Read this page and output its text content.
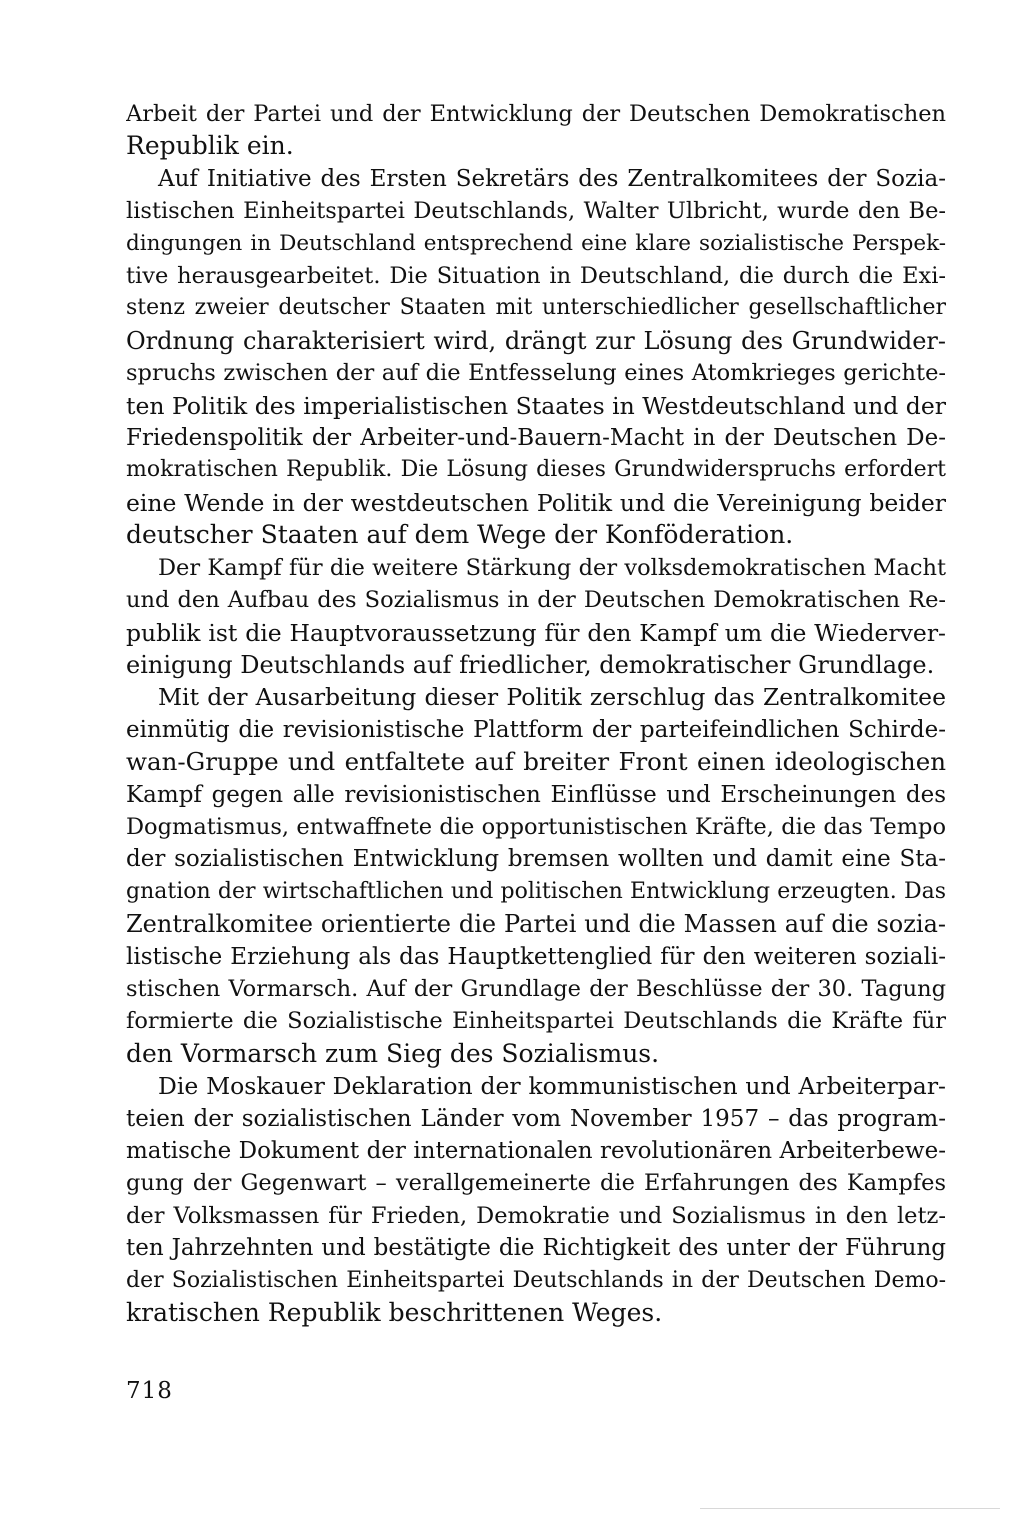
Arbeit der Partei und der Entwicklung der Deutschen Demokratischen
Republik ein.
Auf Initiative des Ersten Sekretärs des Zentralkomitees der Sozia-
listischen Einheitspartei Deutschlands, Walter Ulbricht, wurde den Be-
dingungen in Deutschland entsprechend eine klare sozialistische Perspek-
tive herausgearbeitet. Die Situation in Deutschland, die durch die Exi-
stenz zweier deutscher Staaten mit unterschiedlicher gesellschaftlicher
Ordnung charakterisiert wird, drängt zur Lösung des Grundwider-
spruchs zwischen der auf die Entfesselung eines Atomkrieges gerichte-
ten Politik des imperialistischen Staates in Westdeutschland und der
Friedenspolitik der Arbeiter-und-Bauern-Macht in der Deutschen De-
mokratischen Republik. Die Lösung dieses Grundwiderspruchs erfordert
eine Wende in der westdeutschen Politik und die Vereinigung beider
deutscher Staaten auf dem Wege der Konföderation.
Der Kampf für die weitere Stärkung der volksdemokratischen Macht
und den Aufbau des Sozialismus in der Deutschen Demokratischen Re-
publik ist die Hauptvoraussetzung für den Kampf um die Wiederver-
einigung Deutschlands auf friedlicher, demokratischer Grundlage.
Mit der Ausarbeitung dieser Politik zerschlug das Zentralkomitee
einmütig die revisionistische Plattform der parteifeindlichen Schirde-
wan-Gruppe und entfaltete auf breiter Front einen ideologischen
Kampf gegen alle revisionistischen Einflüsse und Erscheinungen des
Dogmatismus, entwaffnete die opportunistischen Kräfte, die das Tempo
der sozialistischen Entwicklung bremsen wollten und damit eine Sta-
gnation der wirtschaftlichen und politischen Entwicklung erzeugten. Das
Zentralkomitee orientierte die Partei und die Massen auf die sozia-
listische Erziehung als das Hauptkettenglied für den weiteren soziali-
stischen Vormarsch. Auf der Grundlage der Beschlüsse der 30. Tagung
formierte die Sozialistische Einheitspartei Deutschlands die Kräfte für
den Vormarsch zum Sieg des Sozialismus.
Die Moskauer Deklaration der kommunistischen und Arbeiterpar-
teien der sozialistischen Länder vom November 1957 – das program-
matische Dokument der internationalen revolutionären Arbeiterbewe-
gung der Gegenwart – verallgemeinerte die Erfahrungen des Kampfes
der Volksmassen für Frieden, Demokratie und Sozialismus in den letz-
ten Jahrzehnten und bestätigte die Richtigkeit des unter der Führung
der Sozialistischen Einheitspartei Deutschlands in der Deutschen Demo-
kratischen Republik beschrittenen Weges.
718
